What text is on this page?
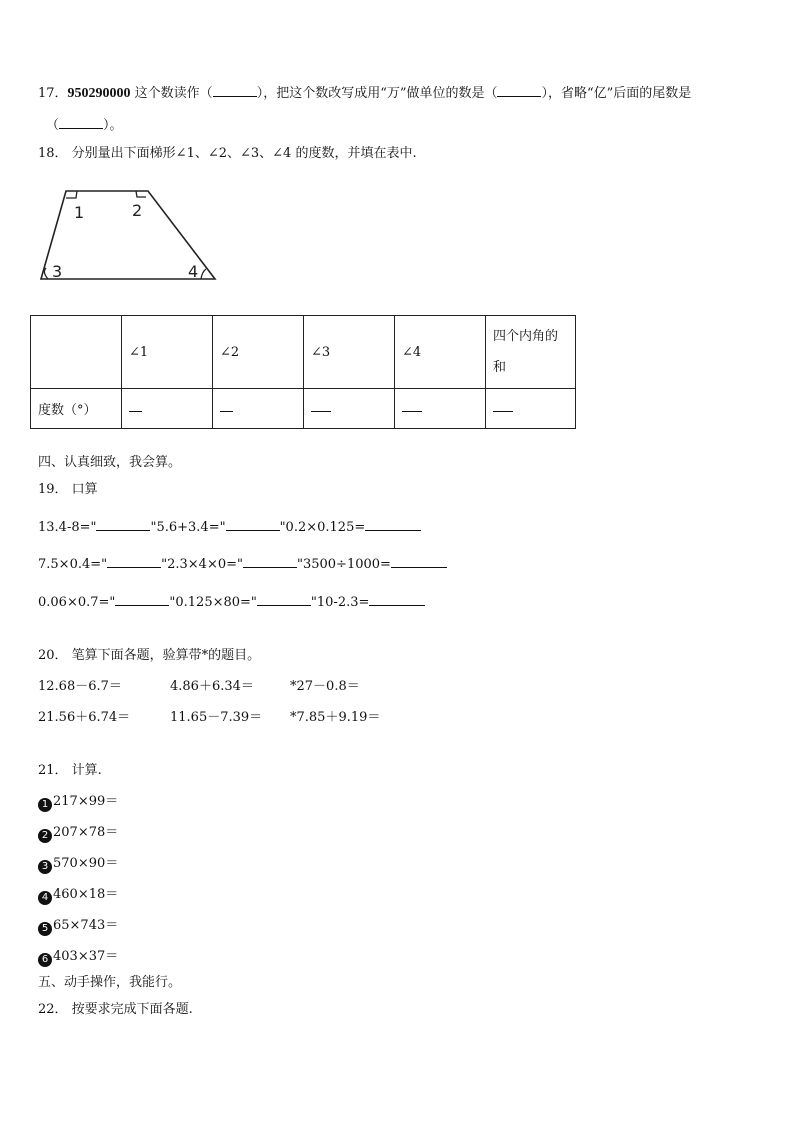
17．950290000 这个数读作（	），把这个数改写成用“万”做单位的数是（	），省略“亿”后面的尾数是
（	）。
18． 分别量出下面梯形∠1、∠2、∠3、∠4 的度数，并填在表中.
1	2
3	4
	∠1	∠2	∠3	∠4	四个内角的
和
度数（°）					
四、认真细致，我会算。
19． 口算
13.4-8="	"5.6+3.4="	"0.2×0.125=
7.5×0.4="	"2.3×4×0="	"3500÷1000=
0.06×0.7="	"0.125×80="	"10-2.3=
20． 笔算下面各题，验算带*的题目。
12.68－6.7＝	4.86＋6.34＝	*27－0.8＝
21.56＋6.74＝	11.65－7.39＝ *7.85＋9.19＝
21． 计算.
1 217×99＝
2 207×78＝
3 570×90＝
4 460×18＝
5 65×743＝
6 403×37＝
五、动手操作，我能行。
22． 按要求完成下面各题.
